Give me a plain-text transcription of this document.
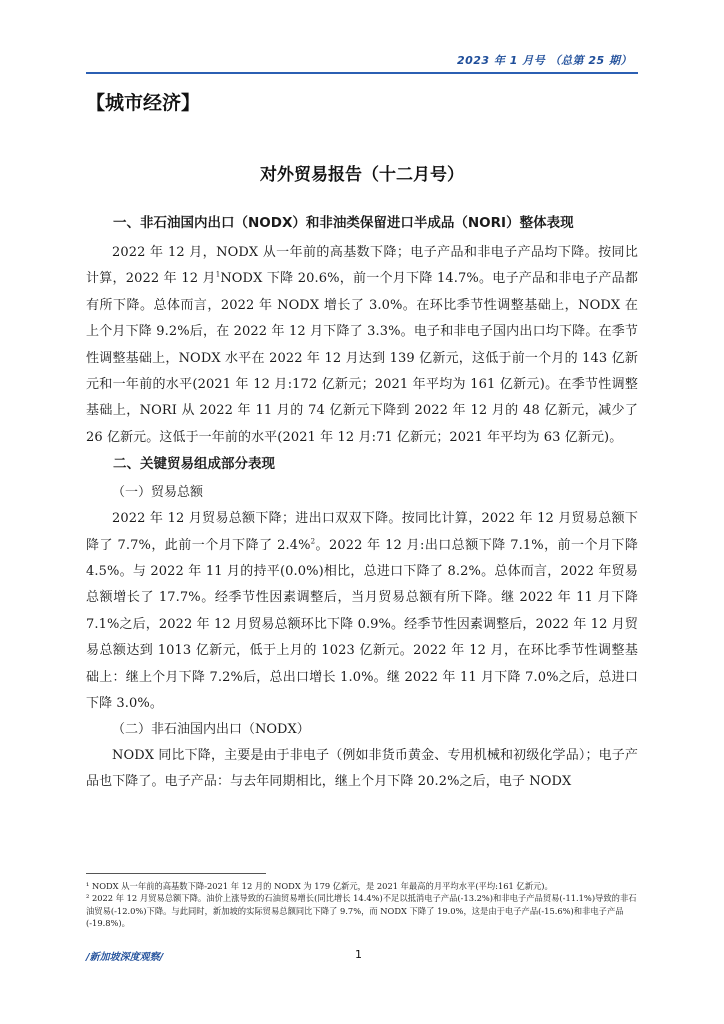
2023 年 1 月号 （总第 25 期）
【城市经济】
对外贸易报告（十二月号）
一、非石油国内出口（NODX）和非油类保留进口半成品（NORI）整体表现

2022 年 12 月，NODX 从一年前的高基数下降；电子产品和非电子产品均下降。按同比计算，2022 年 12 月$^1$NODX 下降 20.6%，前一个月下降 14.7%。电子产品和非电子产品都有所下降。总体而言，2022 年 NODX 增长了 3.0%。在环比季节性调整基础上，NODX 在上个月下降 9.2%后，在 2022 年 12 月下降了 3.3%。电子和非电子国内出口均下降。在季节性调整基础上，NODX 水平在 2022 年 12 月达到 139 亿新元，这低于前一个月的 143 亿新元和一年前的水平(2021 年 12 月:172 亿新元；2021 年平均为 161 亿新元)。在季节性调整基础上，NORI 从 2022 年 11 月的 74 亿新元下降到 2022 年 12 月的 48 亿新元，减少了 26 亿新元。这低于一年前的水平(2021 年 12 月:71 亿新元；2021 年平均为 63 亿新元)。

二、关键贸易组成部分表现
（一）贸易总额

2022 年 12 月贸易总额下降；进出口双双下降。按同比计算，2022 年 12 月贸易总额下降了 7.7%，此前一个月下降了 2.4%$^2$。2022 年 12 月:出口总额下降 7.1%，前一个月下降 4.5%。与 2022 年 11 月的持平(0.0%)相比，总进口下降了 8.2%。总体而言，2022 年贸易总额增长了 17.7%。经季节性因素调整后，当月贸易总额有所下降。继 2022 年 11 月下降 7.1%之后，2022 年 12 月贸易总额环比下降 0.9%。经季节性因素调整后，2022 年 12 月贸易总额达到 1013 亿新元，低于上月的 1023 亿新元。2022 年 12 月，在环比季节性调整基础上：继上个月下降 7.2%后，总出口增长 1.0%。继 2022 年 11 月下降 7.0%之后，总进口下降 3.0%。

（二）非石油国内出口（NODX）

NODX 同比下降，主要是由于非电子（例如非货币黄金、专用机械和初级化学品）；电子产品也下降了。电子产品：与去年同期相比，继上个月下降 20.2%之后，电子 NODX

¹ NODX 从一年前的高基数下降-2021 年 12 月的 NODX 为 179 亿新元，是 2021 年最高的月平均水平(平均:161 亿新元)。

² 2022 年 12 月贸易总额下降。油价上涨导致的石油贸易增长(同比增长 14.4%)不足以抵消电子产品(-13.2%)和非电子产品贸易(-11.1%)导致的非石油贸易(-12.0%)下降。与此同时，新加坡的实际贸易总额同比下降了 9.7%，而 NODX 下降了 19.0%，这是由于电子产品(-15.6%)和非电子产品(-19.8%)。

/新加坡深度观察/	1
